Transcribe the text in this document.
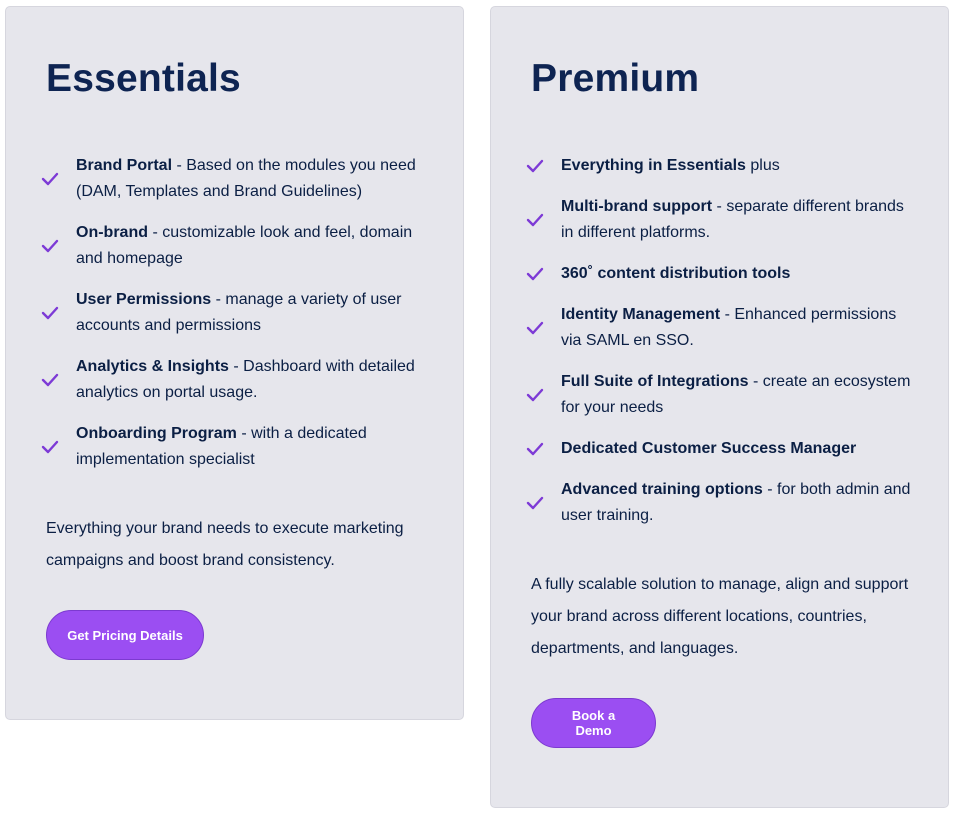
Essentials
Brand Portal - Based on the modules you need (DAM, Templates and Brand Guidelines)
On-brand - customizable look and feel, domain and homepage
User Permissions - manage a variety of user accounts and permissions
Analytics & Insights - Dashboard with detailed analytics on portal usage.
Onboarding Program - with a dedicated implementation specialist

Everything your brand needs to execute marketing campaigns and boost brand consistency.

Get Pricing Details
Premium
Everything in Essentials plus
Multi-brand support - separate different brands in different platforms.
360˚ content distribution tools
Identity Management - Enhanced permissions via SAML en SSO.
Full Suite of Integrations - create an ecosystem for your needs
Dedicated Customer Success Manager
Advanced training options - for both admin and user training.

A fully scalable solution to manage, align and support your brand across different locations, countries, departments, and languages.

Book a Demo
